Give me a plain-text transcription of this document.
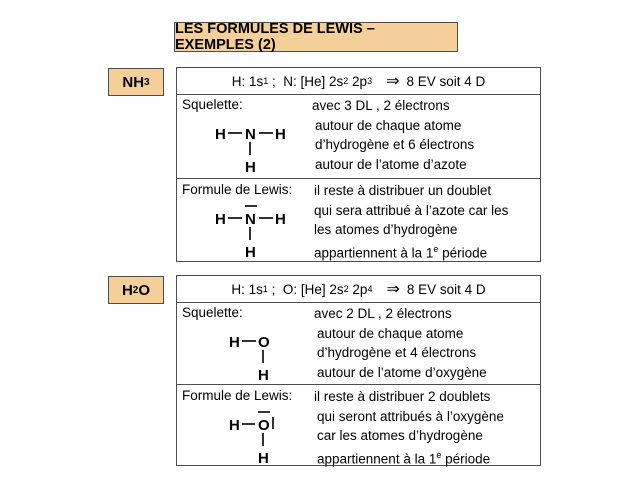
LES FORMULES DE LEWIS – EXEMPLES (2)
NH 3	H: 1s 1 ;  N: [He] 2s 2 2p 3 ⇒ 8 EV soit 4 D
Squelette:
H N H
H
avec 3 DL , 2 électrons
autour de chaque atome
d’hydrogène et 6 électrons
autour de l’atome d’azote
Formule de Lewis:
H N H
H
il reste à distribuer un doublet
qui sera attribué à l’azote car les
les atomes d’hydrogène
appartiennent à la 1e période
H 2 O	H: 1s 1 ;  O: [He] 2s 2 2p 4 ⇒ 8 EV soit 4 D
Squelette:
H O
H
avec 2 DL , 2 électrons
autour de chaque atome
d’hydrogène et 4 électrons
autour de l’atome d’oxygène
Formule de Lewis:
H O
H
il reste à distribuer 2 doublets
qui seront attribués à l’oxygène
car les atomes d’hydrogène
appartiennent à la 1e période
